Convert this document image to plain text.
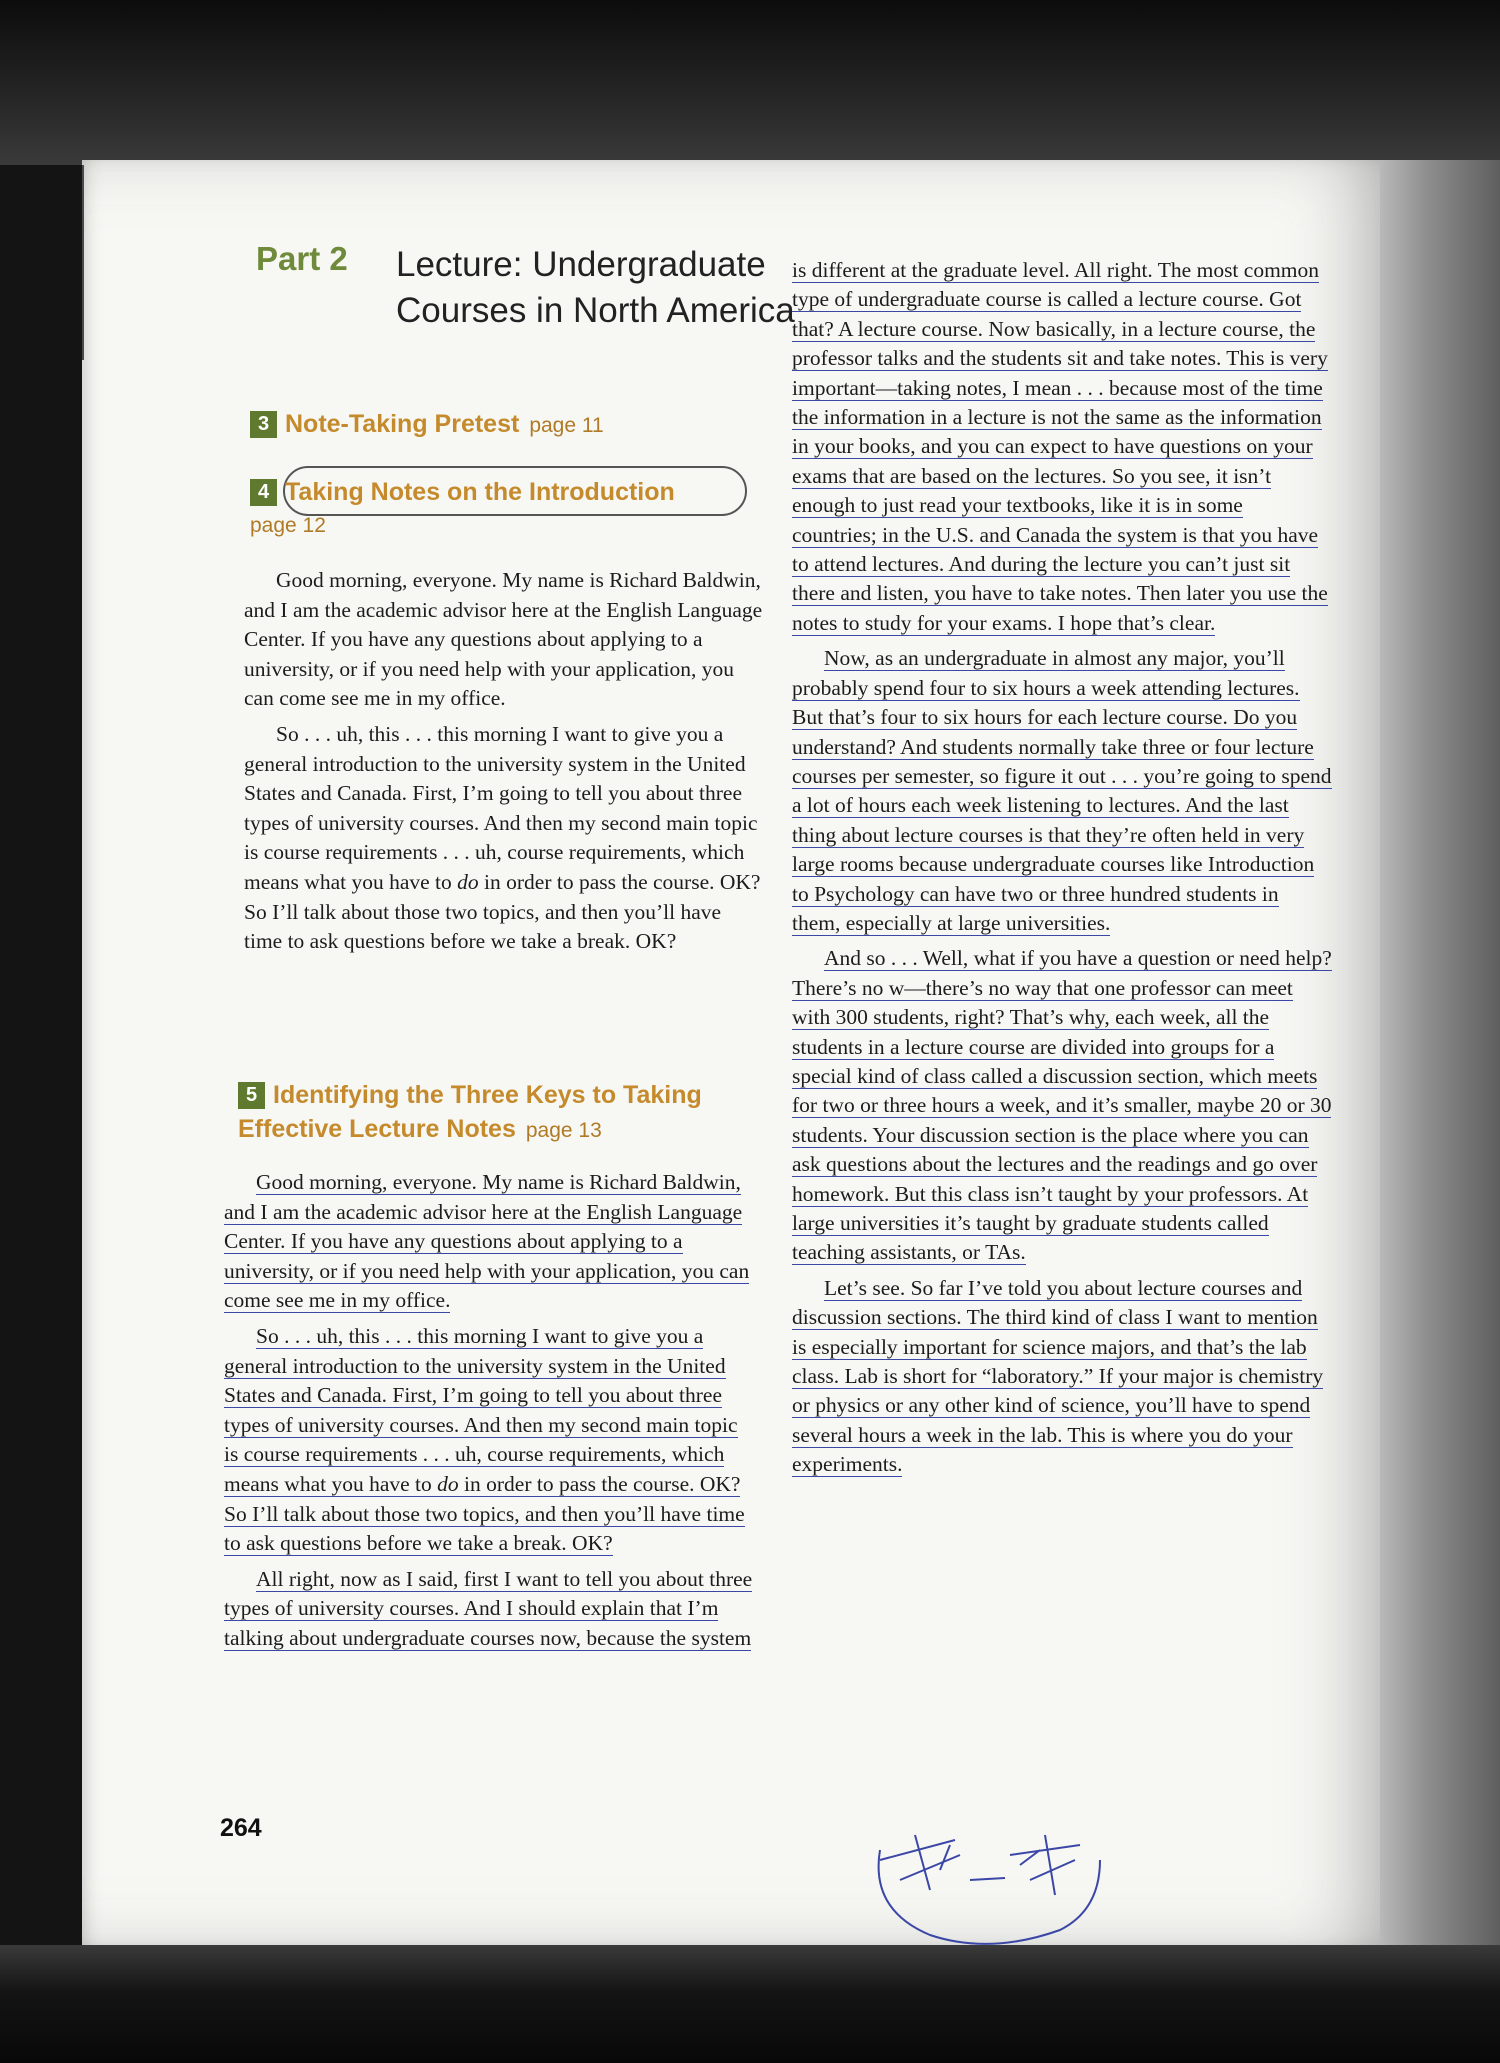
Part 2 Lecture: Undergraduate Courses in North America
3 Note-Taking Pretest page 11
4 Taking Notes on the Introduction
page 12

Good morning, everyone. My name is Richard Baldwin, and I am the academic advisor here at the English Language Center. If you have any questions about applying to a university, or if you need help with your application, you can come see me in my office.

So . . . uh, this . . . this morning I want to give you a general introduction to the university system in the United States and Canada. First, I’m going to tell you about three types of university courses. And then my second main topic is course requirements . . . uh, course requirements, which means what you have to do in order to pass the course. OK? So I’ll talk about those two topics, and then you’ll have time to ask questions before we take a break. OK?

5 Identifying the Three Keys to Taking Effective Lecture Notes page 13

Good morning, everyone. My name is Richard Baldwin, and I am the academic advisor here at the English Language Center. If you have any questions about applying to a university, or if you need help with your application, you can come see me in my office.

So . . . uh, this . . . this morning I want to give you a general introduction to the university system in the United States and Canada. First, I’m going to tell you about three types of university courses. And then my second main topic is course requirements . . . uh, course requirements, which means what you have to do in order to pass the course. OK? So I’ll talk about those two topics, and then you’ll have time to ask questions before we take a break. OK?

All right, now as I said, first I want to tell you about three types of university courses. And I should explain that I’m talking about undergraduate courses now, because the system

is different at the graduate level. All right. The most common type of undergraduate course is called a lecture course. Got that? A lecture course. Now basically, in a lecture course, the professor talks and the students sit and take notes. This is very important—taking notes, I mean . . . because most of the time the information in a lecture is not the same as the information in your books, and you can expect to have questions on your exams that are based on the lectures. So you see, it isn’t enough to just read your textbooks, like it is in some countries; in the U.S. and Canada the system is that you have to attend lectures. And during the lecture you can’t just sit there and listen, you have to take notes. Then later you use the notes to study for your exams. I hope that’s clear.

Now, as an undergraduate in almost any major, you’ll probably spend four to six hours a week attending lectures. But that’s four to six hours for each lecture course. Do you understand? And students normally take three or four lecture courses per semester, so figure it out . . . you’re going to spend a lot of hours each week listening to lectures. And the last thing about lecture courses is that they’re often held in very large rooms because undergraduate courses like Introduction to Psychology can have two or three hundred students in them, especially at large universities.

And so . . . Well, what if you have a question or need help? There’s no w—there’s no way that one professor can meet with 300 students, right? That’s why, each week, all the students in a lecture course are divided into groups for a special kind of class called a discussion section, which meets for two or three hours a week, and it’s smaller, maybe 20 or 30 students. Your discussion section is the place where you can ask questions about the lectures and the readings and go over homework. But this class isn’t taught by your professors. At large universities it’s taught by graduate students called teaching assistants, or TAs.

Let’s see. So far I’ve told you about lecture courses and discussion sections. The third kind of class I want to mention is especially important for science majors, and that’s the lab class. Lab is short for “laboratory.” If your major is chemistry or physics or any other kind of science, you’ll have to spend several hours a week in the lab. This is where you do your experiments.

264
